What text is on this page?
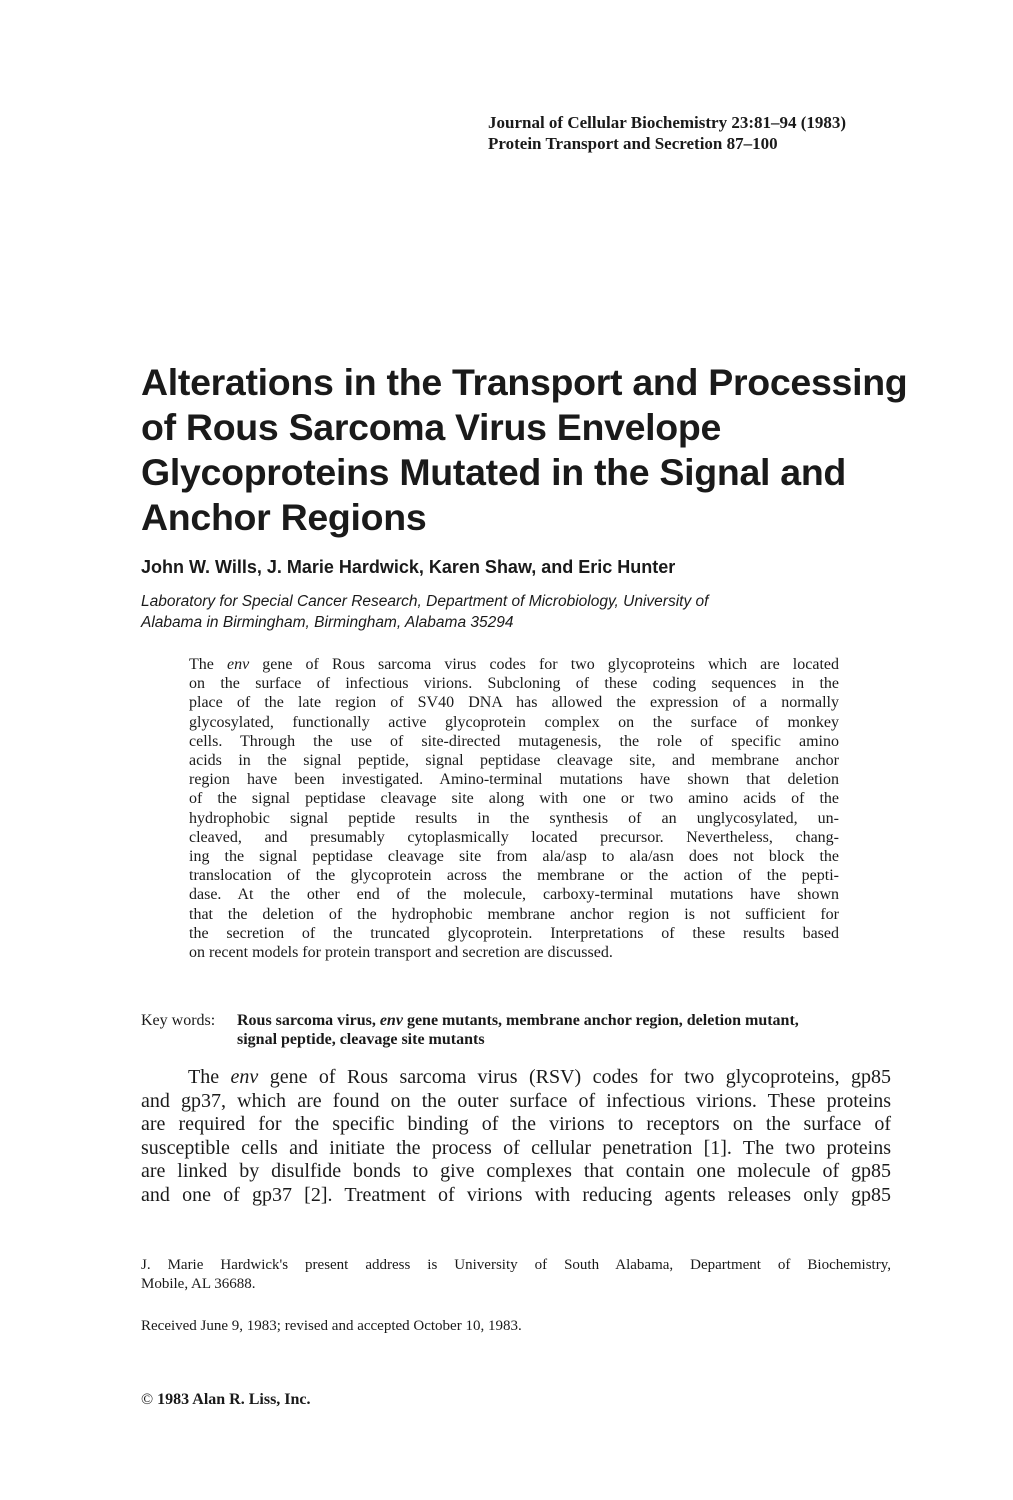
Journal of Cellular Biochemistry 23:81–94 (1983)
Protein Transport and Secretion 87–100
Alterations in the Transport and Processing
of Rous Sarcoma Virus Envelope
Glycoproteins Mutated in the Signal and
Anchor Regions
John W. Wills, J. Marie Hardwick, Karen Shaw, and Eric Hunter
Laboratory for Special Cancer Research, Department of Microbiology, University of
Alabama in Birmingham, Birmingham, Alabama 35294
The env gene of Rous sarcoma virus codes for two glycoproteins which are located
on the surface of infectious virions. Subcloning of these coding sequences in the
place of the late region of SV40 DNA has allowed the expression of a normally
glycosylated, functionally active glycoprotein complex on the surface of monkey
cells. Through the use of site-directed mutagenesis, the role of specific amino
acids in the signal peptide, signal peptidase cleavage site, and membrane anchor
region have been investigated. Amino-terminal mutations have shown that deletion
of the signal peptidase cleavage site along with one or two amino acids of the
hydrophobic signal peptide results in the synthesis of an unglycosylated, un-
cleaved, and presumably cytoplasmically located precursor. Nevertheless, chang-
ing the signal peptidase cleavage site from ala/asp to ala/asn does not block the
translocation of the glycoprotein across the membrane or the action of the pepti-
dase. At the other end of the molecule, carboxy-terminal mutations have shown
that the deletion of the hydrophobic membrane anchor region is not sufficient for
the secretion of the truncated glycoprotein. Interpretations of these results based
on recent models for protein transport and secretion are discussed.
Key words: Rous sarcoma virus, env gene mutants, membrane anchor region, deletion mutant,
signal peptide, cleavage site mutants
The env gene of Rous sarcoma virus (RSV) codes for two glycoproteins, gp85
and gp37, which are found on the outer surface of infectious virions. These proteins
are required for the specific binding of the virions to receptors on the surface of
susceptible cells and initiate the process of cellular penetration [1]. The two proteins
are linked by disulfide bonds to give complexes that contain one molecule of gp85
and one of gp37 [2]. Treatment of virions with reducing agents releases only gp85
J. Marie Hardwick's present address is University of South Alabama, Department of Biochemistry,
Mobile, AL 36688.
Received June 9, 1983; revised and accepted October 10, 1983.
© 1983 Alan R. Liss, Inc.
